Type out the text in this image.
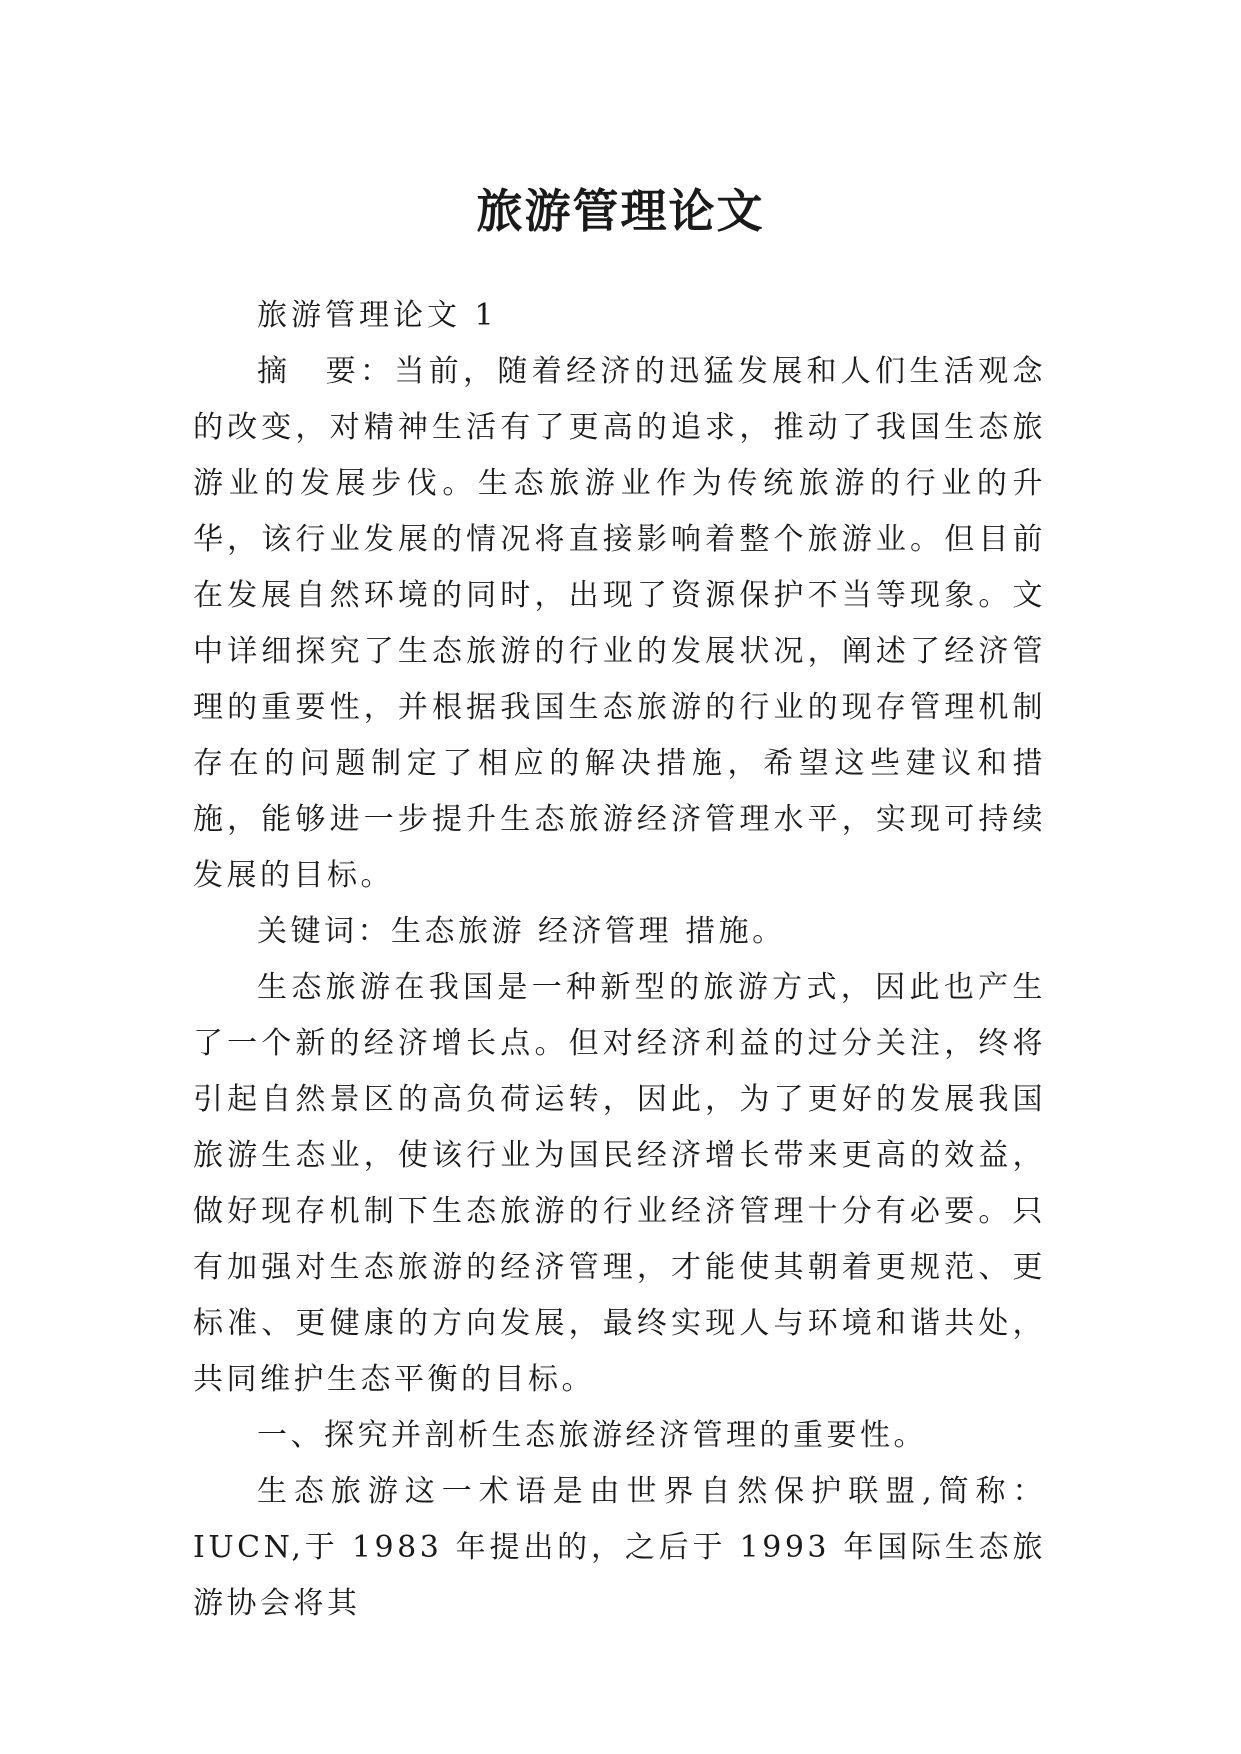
旅游管理论文

旅游管理论文 1

摘　要：当前，随着经济的迅猛发展和人们生活观念的改变，对精神生活有了更高的追求，推动了我国生态旅游业的发展步伐。生态旅游业作为传统旅游的行业的升华，该行业发展的情况将直接影响着整个旅游业。但目前在发展自然环境的同时，出现了资源保护不当等现象。文中详细探究了生态旅游的行业的发展状况，阐述了经济管理的重要性，并根据我国生态旅游的行业的现存管理机制存在的问题制定了相应的解决措施，希望这些建议和措施，能够进一步提升生态旅游经济管理水平，实现可持续发展的目标。

关键词：生态旅游 经济管理 措施。

生态旅游在我国是一种新型的旅游方式，因此也产生了一个新的经济增长点。但对经济利益的过分关注，终将引起自然景区的高负荷运转，因此，为了更好的发展我国旅游生态业，使该行业为国民经济增长带来更高的效益，做好现存机制下生态旅游的行业经济管理十分有必要。只有加强对生态旅游的经济管理，才能使其朝着更规范、更标准、更健康的方向发展，最终实现人与环境和谐共处，共同维护生态平衡的目标。

一、探究并剖析生态旅游经济管理的重要性。

生态旅游这一术语是由世界自然保护联盟,简称： IUCN,于 1983 年提出的，之后于 1993 年国际生态旅游协会将其
